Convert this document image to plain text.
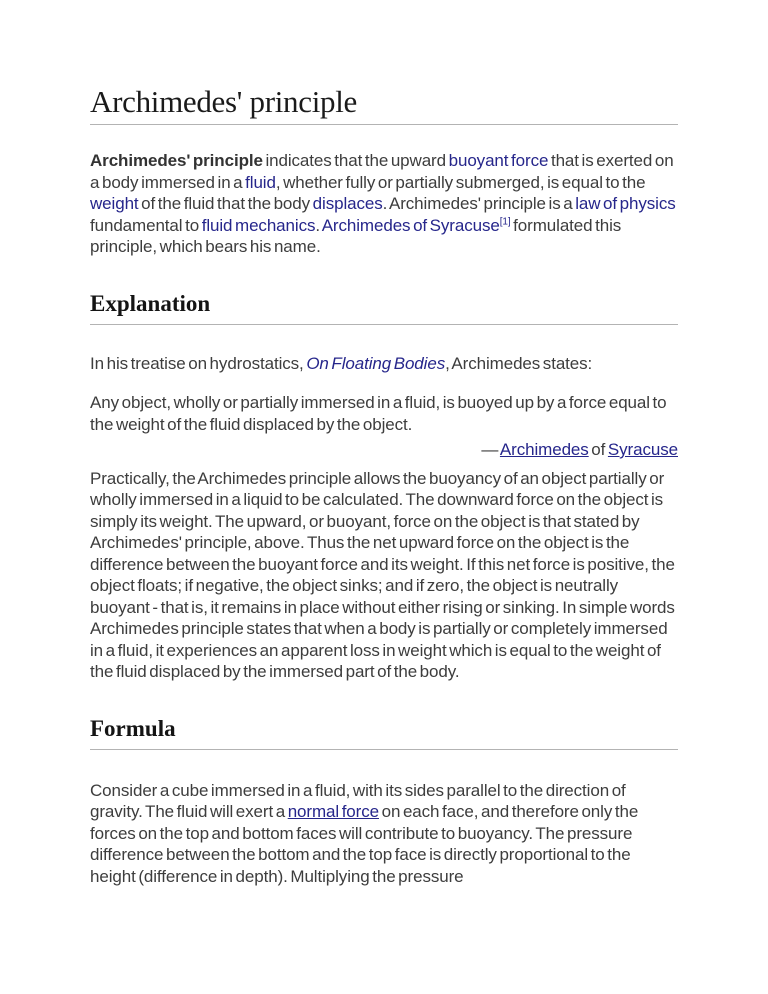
Archimedes' principle

Archimedes' principle indicates that the upward buoyant force that is exerted on a body immersed in a fluid, whether fully or partially submerged, is equal to the weight of the fluid that the body displaces. Archimedes' principle is a law of physics fundamental to fluid mechanics. Archimedes of Syracuse[1] formulated this principle, which bears his name.

Explanation

In his treatise on hydrostatics, On Floating Bodies, Archimedes states:

Any object, wholly or partially immersed in a fluid, is buoyed up by a force equal to the weight of the fluid displaced by the object.

— Archimedes of Syracuse

Practically, the Archimedes principle allows the buoyancy of an object partially or wholly immersed in a liquid to be calculated. The downward force on the object is simply its weight. The upward, or buoyant, force on the object is that stated by Archimedes' principle, above. Thus the net upward force on the object is the difference between the buoyant force and its weight. If this net force is positive, the object floats; if negative, the object sinks; and if zero, the object is neutrally buoyant - that is, it remains in place without either rising or sinking. In simple words Archimedes principle states that when a body is partially or completely immersed in a fluid, it experiences an apparent loss in weight which is equal to the weight of the fluid displaced by the immersed part of the body.

Formula

Consider a cube immersed in a fluid, with its sides parallel to the direction of gravity. The fluid will exert a normal force on each face, and therefore only the forces on the top and bottom faces will contribute to buoyancy. The pressure difference between the bottom and the top face is directly proportional to the height (difference in depth). Multiplying the pressure
